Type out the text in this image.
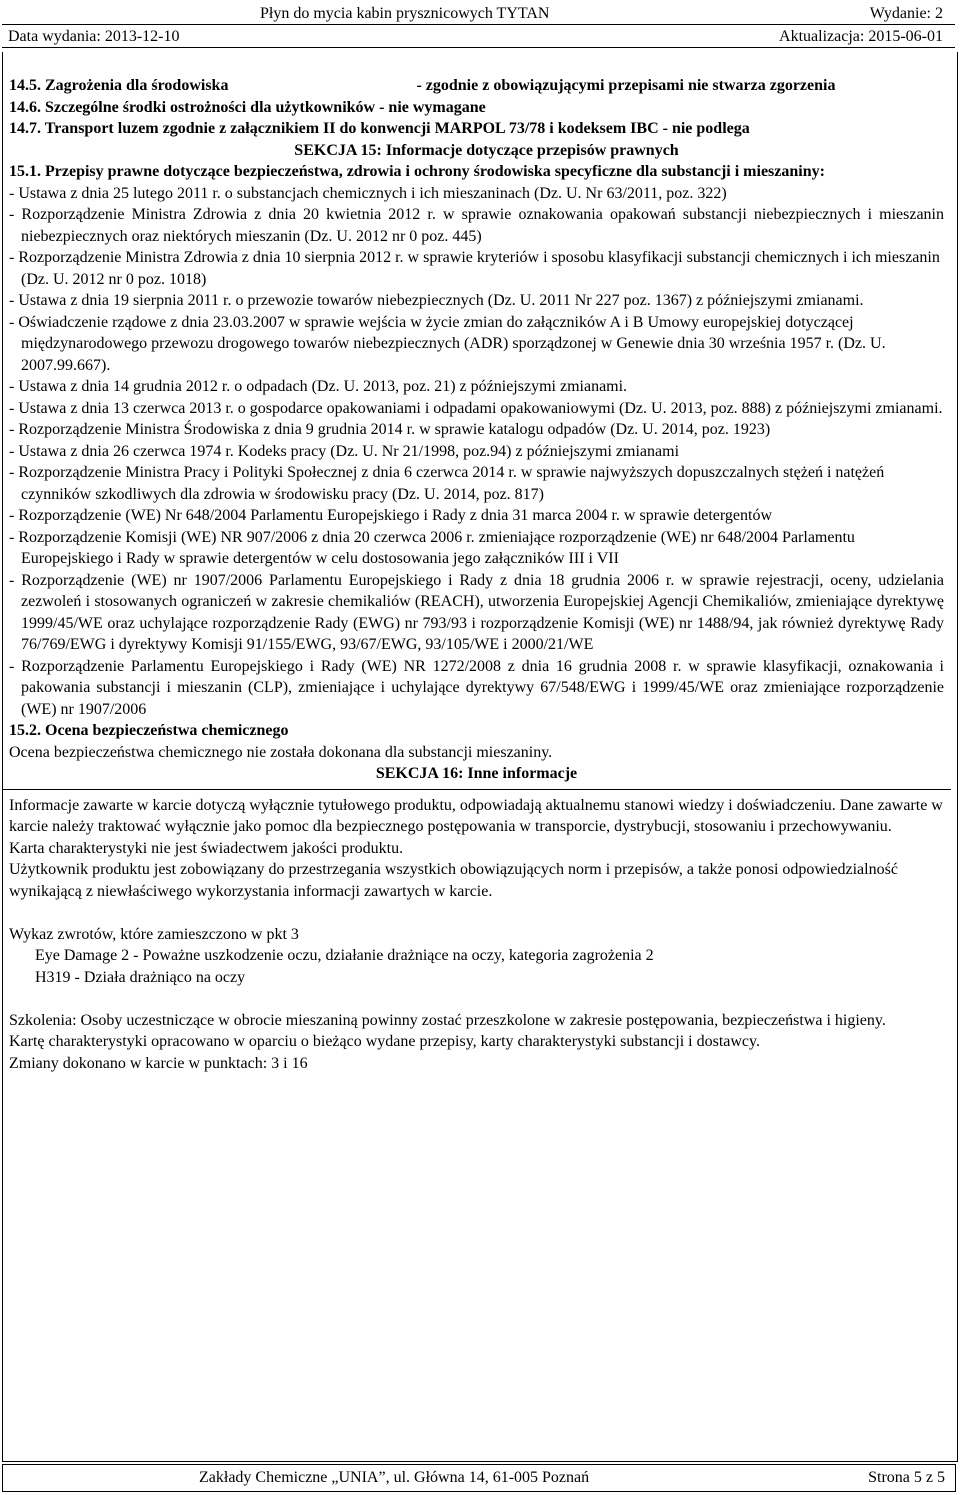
Płyn do mycia kabin prysznicowych TYTAN	Wydanie: 2
Data wydania: 2013-12-10	Aktualizacja: 2015-06-01

14.5. Zagrożenia dla środowiska	- zgodnie z obowiązującymi przepisami nie stwarza zgorzenia

14.6. Szczególne środki ostrożności dla użytkowników - nie wymagane

14.7. Transport luzem zgodnie z załącznikiem II do konwencji MARPOL 73/78 i kodeksem IBC - nie podlega

SEKCJA 15: Informacje dotyczące przepisów prawnych

15.1. Przepisy prawne dotyczące bezpieczeństwa, zdrowia i ochrony środowiska specyficzne dla substancji i mieszaniny:

- Ustawa z dnia 25 lutego 2011 r. o substancjach chemicznych i ich mieszaninach (Dz. U. Nr 63/2011, poz. 322)

- Rozporządzenie Ministra Zdrowia z dnia 20 kwietnia 2012 r. w sprawie oznakowania opakowań substancji niebezpiecznych i mieszanin niebezpiecznych oraz niektórych mieszanin (Dz. U. 2012 nr 0 poz. 445)

- Rozporządzenie Ministra Zdrowia z dnia 10 sierpnia 2012 r. w sprawie kryteriów i sposobu klasyfikacji substancji chemicznych i ich mieszanin (Dz. U. 2012 nr 0 poz. 1018)

- Ustawa z dnia 19 sierpnia 2011 r. o przewozie towarów niebezpiecznych (Dz. U. 2011 Nr 227 poz. 1367) z późniejszymi zmianami.

- Oświadczenie rządowe z dnia 23.03.2007 w sprawie wejścia w życie zmian do załączników A i B Umowy europejskiej dotyczącej międzynarodowego przewozu drogowego towarów niebezpiecznych (ADR) sporządzonej w Genewie dnia 30 września 1957 r. (Dz. U. 2007.99.667).

- Ustawa z dnia 14 grudnia 2012 r. o odpadach (Dz. U. 2013, poz. 21) z późniejszymi zmianami.

- Ustawa z dnia 13 czerwca 2013 r. o gospodarce opakowaniami i odpadami opakowaniowymi (Dz. U. 2013, poz. 888) z późniejszymi zmianami.

- Rozporządzenie Ministra Środowiska z dnia 9 grudnia 2014 r. w sprawie katalogu odpadów (Dz. U. 2014, poz. 1923)

- Ustawa z dnia 26 czerwca 1974 r. Kodeks pracy (Dz. U. Nr 21/1998, poz.94) z późniejszymi zmianami

- Rozporządzenie Ministra Pracy i Polityki Społecznej z dnia 6 czerwca 2014 r. w sprawie najwyższych dopuszczalnych stężeń i natężeń czynników szkodliwych dla zdrowia w środowisku pracy (Dz. U. 2014, poz. 817)

- Rozporządzenie (WE) Nr 648/2004 Parlamentu Europejskiego i Rady z dnia 31 marca 2004 r. w sprawie detergentów

- Rozporządzenie Komisji (WE) NR 907/2006 z dnia 20 czerwca 2006 r. zmieniające rozporządzenie (WE) nr 648/2004 Parlamentu Europejskiego i Rady w sprawie detergentów w celu dostosowania jego załączników III i VII

- Rozporządzenie (WE) nr 1907/2006 Parlamentu Europejskiego i Rady z dnia 18 grudnia 2006 r. w sprawie rejestracji, oceny, udzielania zezwoleń i stosowanych ograniczeń w zakresie chemikaliów (REACH), utworzenia Europejskiej Agencji Chemikaliów, zmieniające dyrektywę 1999/45/WE oraz uchylające rozporządzenie Rady (EWG) nr 793/93 i rozporządzenie Komisji (WE) nr 1488/94, jak również dyrektywę Rady 76/769/EWG i dyrektywy Komisji 91/155/EWG, 93/67/EWG, 93/105/WE i 2000/21/WE

- Rozporządzenie Parlamentu Europejskiego i Rady (WE) NR 1272/2008 z dnia 16 grudnia 2008 r. w sprawie klasyfikacji, oznakowania i pakowania substancji i mieszanin (CLP), zmieniające i uchylające dyrektywy 67/548/EWG i 1999/45/WE oraz zmieniające rozporządzenie (WE) nr 1907/2006

15.2. Ocena bezpieczeństwa chemicznego

Ocena bezpieczeństwa chemicznego nie została dokonana dla substancji mieszaniny.

SEKCJA 16: Inne informacje

Informacje zawarte w karcie dotyczą wyłącznie tytułowego produktu, odpowiadają aktualnemu stanowi wiedzy i doświadczeniu. Dane zawarte w karcie należy traktować wyłącznie jako pomoc dla bezpiecznego postępowania w transporcie, dystrybucji, stosowaniu i przechowywaniu.

Karta charakterystyki nie jest świadectwem jakości produktu.

Użytkownik produktu jest zobowiązany do przestrzegania wszystkich obowiązujących norm i przepisów, a także ponosi odpowiedzialność wynikającą z niewłaściwego wykorzystania informacji zawartych w karcie.

Wykaz zwrotów, które zamieszczono w pkt 3

Eye Damage 2 - Poważne uszkodzenie oczu, działanie drażniące na oczy, kategoria zagrożenia 2

H319 - Działa drażniąco na oczy

Szkolenia: Osoby uczestniczące w obrocie mieszaniną powinny zostać przeszkolone w zakresie postępowania, bezpieczeństwa i higieny.

Kartę charakterystyki opracowano w oparciu o bieżąco wydane przepisy, karty charakterystyki substancji i dostawcy.

Zmiany dokonano w karcie w punktach: 3 i 16

Zakłady Chemiczne „UNIA”, ul. Główna 14, 61-005 Poznań	Strona 5 z 5
